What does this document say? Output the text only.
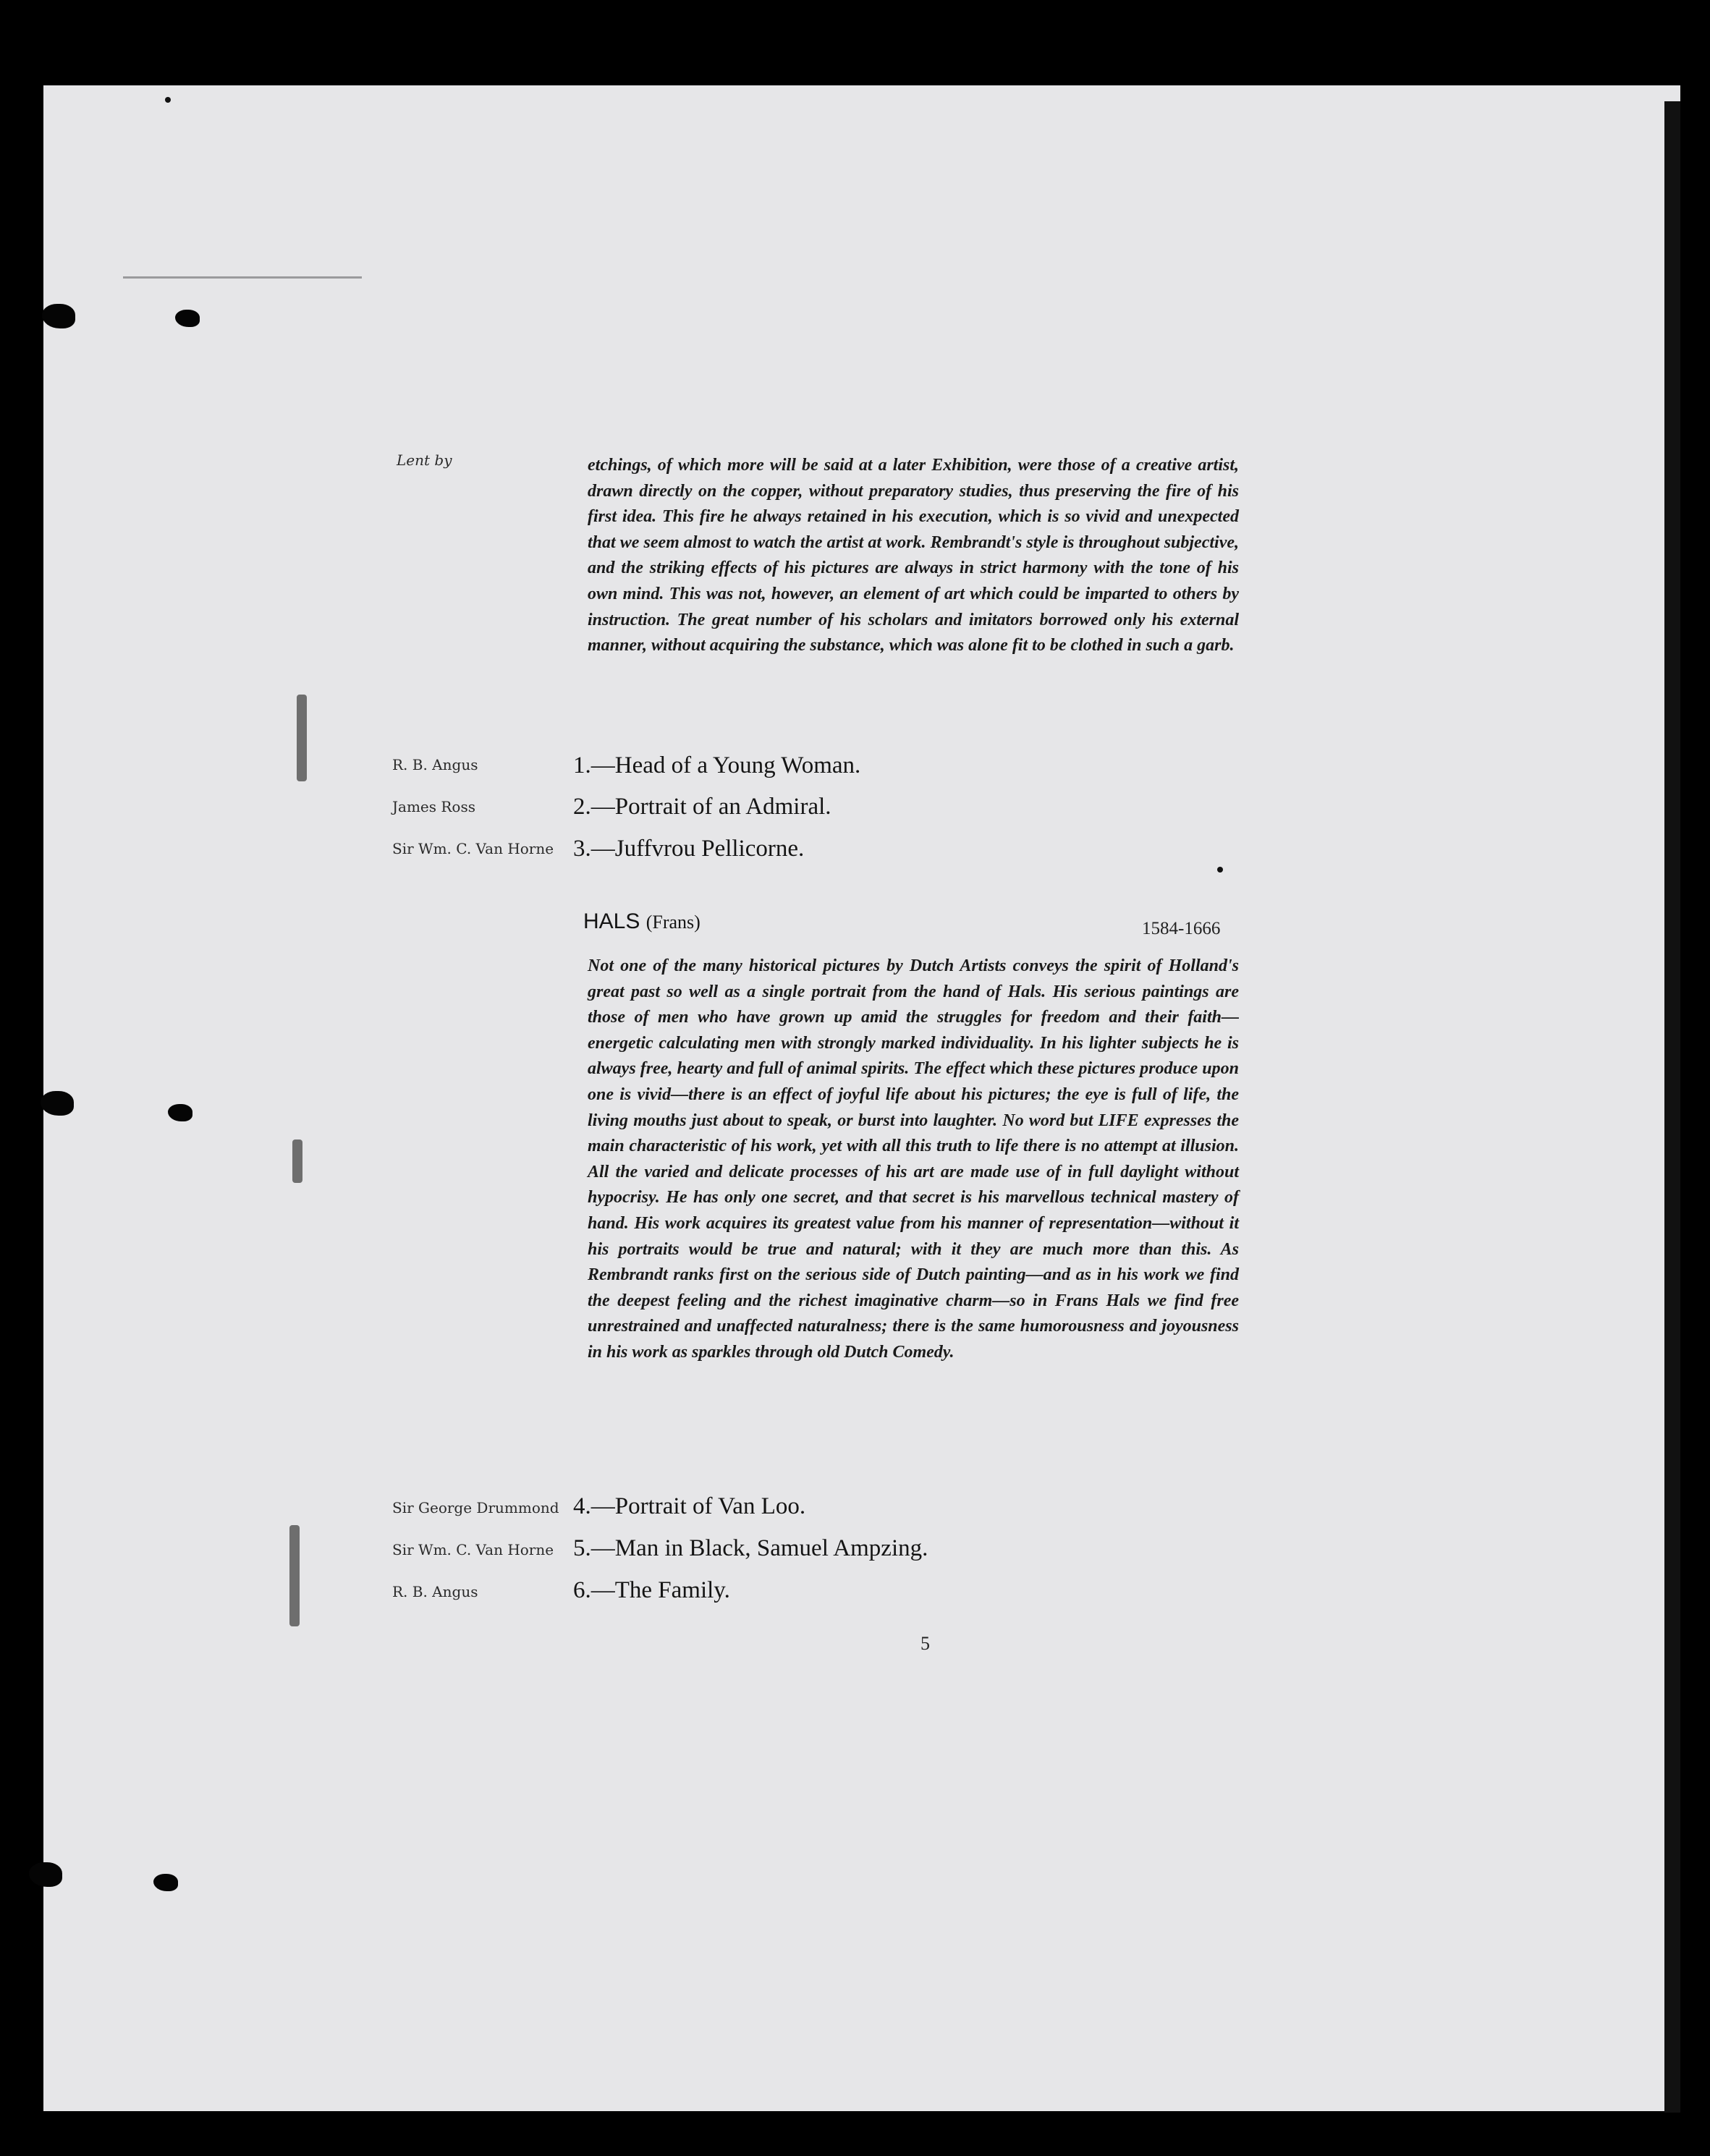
Lent by	etchings, of which more will be said at a later Exhibition, were those of a creative artist, drawn directly on the copper, without preparatory studies, thus preserving the fire of his first idea. This fire he always retained in his execution, which is so vivid and unexpected that we seem almost to watch the artist at work. Rembrandt's style is throughout subjective, and the striking effects of his pictures are always in strict harmony with the tone of his own mind. This was not, however, an element of art which could be imparted to others by instruction. The great number of his scholars and imitators borrowed only his external manner, without acquiring the substance, which was alone fit to be clothed in such a garb.

R. B. Angus	1.—Head of a Young Woman.
James Ross	2.—Portrait of an Admiral.
Sir Wm. C. Van Horne 3.—Juffvrou Pellicorne.
HALS (Frans)	1584-1666

Not one of the many historical pictures by Dutch Artists conveys the spirit of Holland's great past so well as a single portrait from the hand of Hals. His serious paintings are those of men who have grown up amid the struggles for freedom and their faith—energetic calculating men with strongly marked individuality. In his lighter subjects he is always free, hearty and full of animal spirits. The effect which these pictures produce upon one is vivid—there is an effect of joyful life about his pictures; the eye is full of life, the living mouths just about to speak, or burst into laughter. No word but LIFE expresses the main characteristic of his work, yet with all this truth to life there is no attempt at illusion. All the varied and delicate processes of his art are made use of in full daylight without hypocrisy. He has only one secret, and that secret is his marvellous technical mastery of hand. His work acquires its greatest value from his manner of representation—without it his portraits would be true and natural; with it they are much more than this. As Rembrandt ranks first on the serious side of Dutch painting—and as in his work we find the deepest feeling and the richest imaginative charm—so in Frans Hals we find free unrestrained and unaffected naturalness; there is the same humorousness and joyousness in his work as sparkles through old Dutch Comedy.

Sir George Drummond 4.—Portrait of Van Loo.
Sir Wm. C. Van Horne 5.—Man in Black, Samuel Ampzing.
R. B. Angus	6.—The Family.
5
